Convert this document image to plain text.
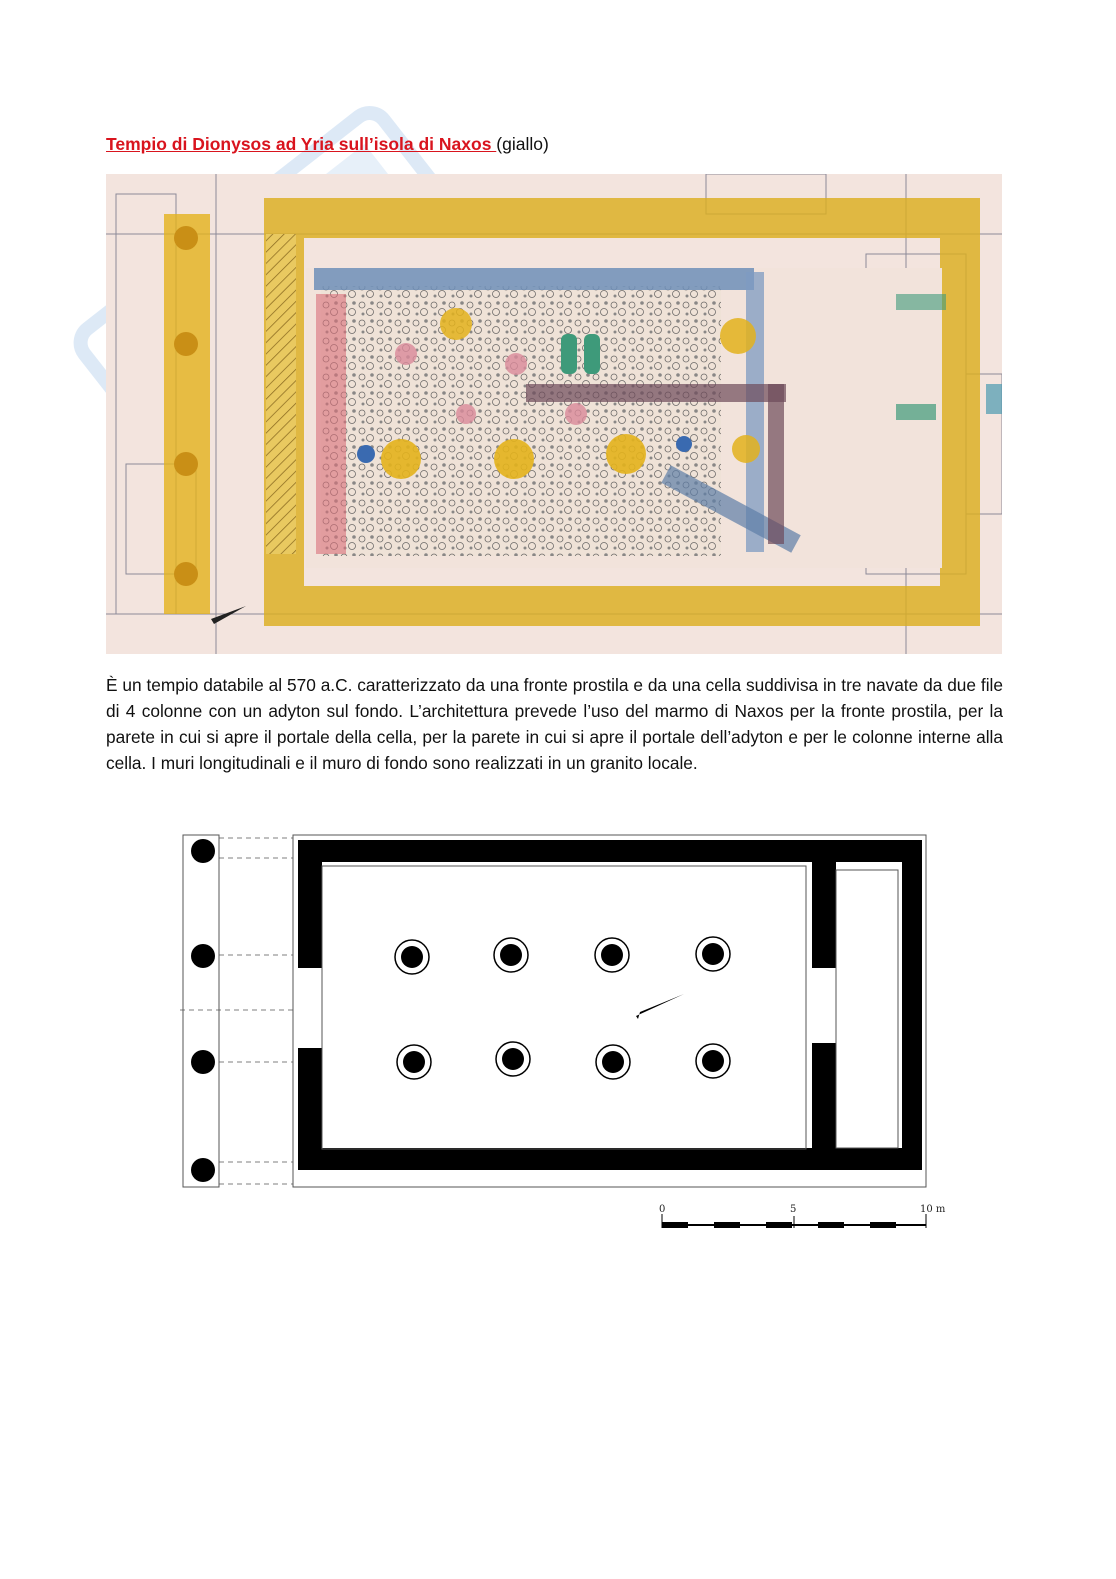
Tempio di Dionysos ad Yria sull’isola di Naxos (giallo)

È un tempio databile al 570 a.C. caratterizzato da una fronte prostila e da una cella suddivisa in tre navate da due file di 4 colonne con un adyton sul fondo. L’architettura prevede l’uso del marmo di Naxos per la fronte prostila, per la parete in cui si apre il portale della cella, per la parete in cui si apre il portale dell’adyton e per le colonne interne alla cella. I muri longitudinali e il muro di fondo sono realizzati in un granito locale.

0	5	10 m
